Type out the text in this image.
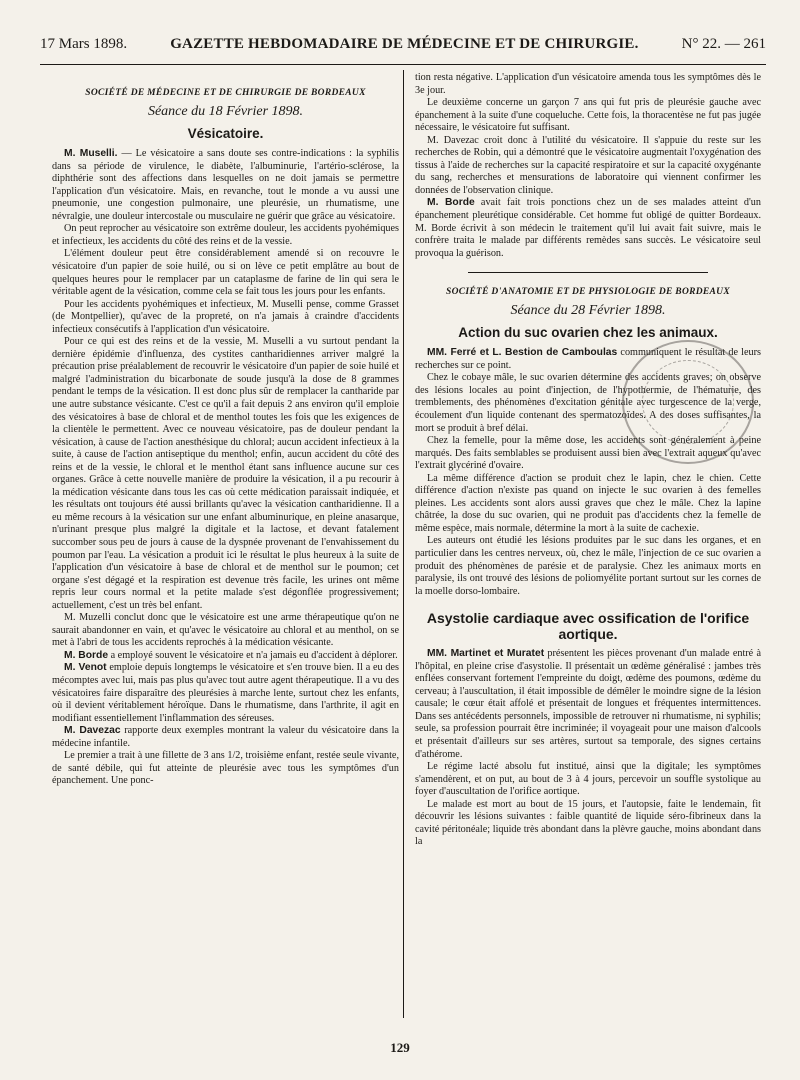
17 Mars 1898.	GAZETTE HEBDOMADAIRE DE MÉDECINE ET DE CHIRURGIE.	N° 22. — 261
SOCIÉTÉ DE MÉDECINE ET DE CHIRURGIE DE BORDEAUX
Séance du 18 Février 1898.
Vésicatoire.

M. Muselli. — Le vésicatoire a sans doute ses contre-indications : la syphilis dans sa période de virulence, le diabète, l'albuminurie, l'artério-sclérose, la diphthérie sont des affections dans lesquelles on ne doit jamais se permettre l'application d'un vésicatoire. Mais, en revanche, tout le monde a vu aussi une pneumonie, une congestion pulmonaire, une pleurésie, un rhumatisme, une névralgie, une douleur intercostale ou musculaire ne guérir que grâce au vésicatoire.

On peut reprocher au vésicatoire son extrême douleur, les accidents pyohémiques et infectieux, les accidents du côté des reins et de la vessie.

L'élément douleur peut être considérablement amendé si on recouvre le vésicatoire d'un papier de soie huilé, ou si on lève ce petit emplâtre au bout de quelques heures pour le remplacer par un cataplasme de farine de lin qui sera le véritable agent de la vésication, comme cela se fait tous les jours pour les enfants.

Pour les accidents pyohémiques et infectieux, M. Muselli pense, comme Grasset (de Montpellier), qu'avec de la propreté, on n'a jamais à craindre d'accidents infectieux consécutifs à l'application d'un vésicatoire.

Pour ce qui est des reins et de la vessie, M. Muselli a vu surtout pendant la dernière épidémie d'influenza, des cystites cantharidiennes arriver malgré la précaution prise préalablement de recouvrir le vésicatoire d'un papier de soie huilé et malgré l'administration du bicarbonate de soude jusqu'à la dose de 8 grammes pendant le temps de la vésication. Il est donc plus sûr de remplacer la cantharide par une autre substance vésicante. C'est ce qu'il a fait depuis 2 ans environ qu'il emploie des vésicatoires à base de chloral et de menthol toutes les fois que les exigences de la clientèle le permettent. Avec ce nouveau vésicatoire, pas de douleur pendant la vésication, à cause de l'action anesthésique du chloral; aucun accident infectieux à la suite, à cause de l'action antiseptique du menthol; enfin, aucun accident du côté des reins et de la vessie, le chloral et le menthol étant sans influence aucune sur ces organes. Grâce à cette nouvelle manière de produire la vésication, il a pu recourir à la médication vésicante dans tous les cas où cette médication paraissait indiquée, et les résultats ont toujours été aussi brillants qu'avec la vésication cantharidienne. Il a eu même recours à la vésication sur une enfant albuminurique, en pleine anasarque, n'urinant presque plus malgré la digitale et la lactose, et devant fatalement succomber sous peu de jours à cause de la dyspnée provenant de l'envahissement du poumon par l'eau. La vésication a produit ici le résultat le plus heureux à la suite de l'application d'un vésicatoire à base de chloral et de menthol sur le poumon; cet organe s'est dégagé et la respiration est devenue très facile, les urines ont même repris leur cours normal et la petite malade s'est dégonflée progressivement; actuellement, c'est un très bel enfant.

M. Muzelli conclut donc que le vésicatoire est une arme thérapeutique qu'on ne saurait abandonner en vain, et qu'avec le vésicatoire au chloral et au menthol, on se met à l'abri de tous les accidents reprochés à la médication vésicante.

M. Borde a employé souvent le vésicatoire et n'a jamais eu d'accident à déplorer.

M. Venot emploie depuis longtemps le vésicatoire et s'en trouve bien. Il a eu des mécomptes avec lui, mais pas plus qu'avec tout autre agent thérapeutique. Il a vu des vésicatoires faire disparaître des pleurésies à marche lente, surtout chez les enfants, où il devient véritablement héroïque. Dans le rhumatisme, dans l'arthrite, il agit en modifiant essentiellement l'inflammation des séreuses.

M. Davezac rapporte deux exemples montrant la valeur du vésicatoire dans la médecine infantile.

Le premier a trait à une fillette de 3 ans 1/2, troisième enfant, restée seule vivante, de santé débile, qui fut atteinte de pleurésie avec tous les symptômes d'un épanchement. Une ponc-

tion resta négative. L'application d'un vésicatoire amenda tous les symptômes dès le 3e jour.

Le deuxième concerne un garçon 7 ans qui fut pris de pleurésie gauche avec épanchement à la suite d'une coqueluche. Cette fois, la thoracentèse ne fut pas jugée nécessaire, le vésicatoire fut suffisant.

M. Davezac croit donc à l'utilité du vésicatoire. Il s'appuie du reste sur les recherches de Robin, qui a démontré que le vésicatoire augmentait l'oxygénation des tissus à l'aide de recherches sur la capacité respiratoire et sur la capacité oxygénante du sang, recherches et mensurations de laboratoire qui viennent confirmer les données de l'observation clinique.

M. Borde avait fait trois ponctions chez un de ses malades atteint d'un épanchement pleurétique considérable. Cet homme fut obligé de quitter Bordeaux. M. Borde écrivit à son médecin le traitement qu'il lui avait fait suivre, mais le confrère traita le malade par différents remèdes sans succès. Le vésicatoire seul provoqua la guérison.

SOCIÉTÉ D'ANATOMIE ET DE PHYSIOLOGIE DE BORDEAUX
Séance du 28 Février 1898.
Action du suc ovarien chez les animaux.

MM. Ferré et L. Bestion de Camboulas communiquent le résultat de leurs recherches sur ce point.

Chez le cobaye mâle, le suc ovarien détermine des accidents graves; on observe des lésions locales au point d'injection, de l'hypothermie, de l'hématurie, des tremblements, des phénomènes d'excitation génitale avec turgescence de la verge, écoulement d'un liquide contenant des spermatozoïdes. A des doses suffisantes, la mort se produit à bref délai.

Chez la femelle, pour la même dose, les accidents sont généralement à peine marqués. Des faits semblables se produisent aussi bien avec l'extrait aqueux qu'avec l'extrait glycériné d'ovaire.

La même différence d'action se produit chez le lapin, chez le chien. Cette différence d'action n'existe pas quand on injecte le suc ovarien à des femelles pleines. Les accidents sont alors aussi graves que chez le mâle. Chez la lapine châtrée, la dose du suc ovarien, qui ne produit pas d'accidents chez la femelle de même espèce, mais normale, détermine la mort à la suite de cachexie.

Les auteurs ont étudié les lésions produites par le suc dans les organes, et en particulier dans les centres nerveux, où, chez le mâle, l'injection de ce suc ovarien a produit des phénomènes de parésie et de paralysie. Chez les animaux morts en paralysie, ils ont trouvé des lésions de poliomyélite portant surtout sur les cornes de la moelle dorso-lombaire.

Asystolie cardiaque avec ossification de l'orifice aortique.

MM. Martinet et Muratet présentent les pièces provenant d'un malade entré à l'hôpital, en pleine crise d'asystolie. Il présentait un œdème généralisé : jambes très enflées conservant fortement l'empreinte du doigt, œdème des poumons, œdème du cerveau; à l'auscultation, il était impossible de démêler le moindre signe de la lésion causale; le cœur était affolé et présentait de longues et fréquentes intermittences. Dans ses antécédents personnels, impossible de retrouver ni rhumatisme, ni syphilis; seule, sa profession pourrait être incriminée; il voyageait pour une maison d'alcools et présentait d'ailleurs sur ses artères, surtout sa temporale, des signes certains d'athérome.

Le régime lacté absolu fut institué, ainsi que la digitale; les symptômes s'amendèrent, et on put, au bout de 3 à 4 jours, percevoir un souffle systolique au foyer d'auscultation de l'orifice aortique.

Le malade est mort au bout de 15 jours, et l'autopsie, faite le lendemain, fit découvrir les lésions suivantes : faible quantité de liquide séro-fibrineux dans la cavité péritonéale; liquide très abondant dans la plèvre gauche, moins abondant dans la

129
